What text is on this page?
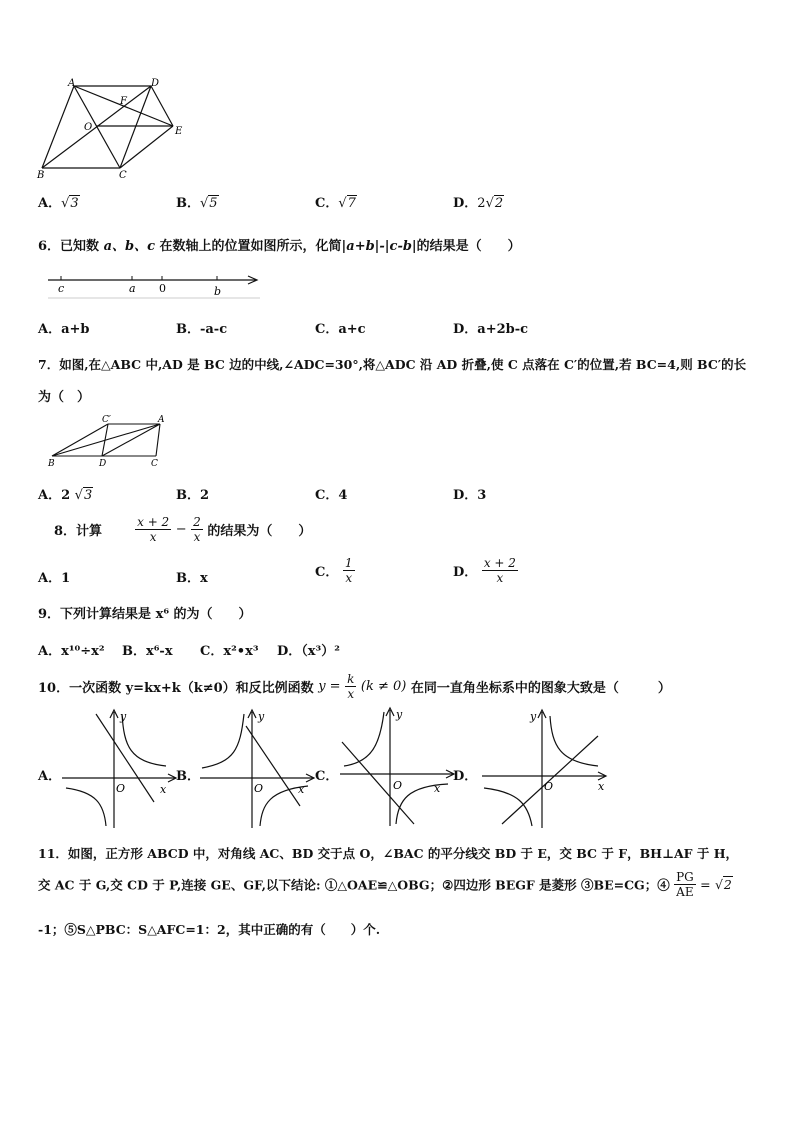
A	D
F
O	E
B	C
A．√3	B．√5	C．√7	D．2√2
6．已知数 a、b、c 在数轴上的位置如图所示，化简|a+b|-|c-b|的结果是（　　）
c	a 0	b
A．a+b	B．-a-c	C．a+c	D．a+2b-c
7．如图,在△ABC 中,AD 是 BC 边的中线,∠ADC=30°,将△ADC 沿 AD 折叠,使 C 点落在 C′的位置,若 BC=4,则 BC′的长
为（　）
C′	A
B	D	C
A．2 √3	B．2	C．4	D．3
8．计算	$\frac{x + 2}{x} - \frac{2}{x}$ 的结果为（　　）
A．1	B．x	C． $\frac{1}{x}$	D． $\frac{x + 2}{x}$
9．下列计算结果是 x⁶ 的为（　　）
A．x¹⁰÷x² B．x⁶-x C．x²•x³ D．（x³）²
10．一次函数 y=kx+k（k≠0）和反比例函数 $y = \frac{k}{x} (k \ne 0)$ 在同一直角坐标系中的图象大致是（　　　）
A．	B．	C．	D．
y
x
O
y
x
O
y
x
O
y
x
O
11．如图，正方形 ABCD 中，对角线 AC、BD 交于点 O，∠BAC 的平分线交 BD 于 E，交 BC 于 F，BH⊥AF 于 H，
交 AC 于 G,交 CD 于 P,连接 GE、GF,以下结论: ①△OAE≌△OBG；②四边形 BEGF 是菱形 ③BE=CG；④ $\frac{PG}{AE} = √2$
-1；⑤S△PBC：S△AFC=1：2，其中正确的有（　　）个.
